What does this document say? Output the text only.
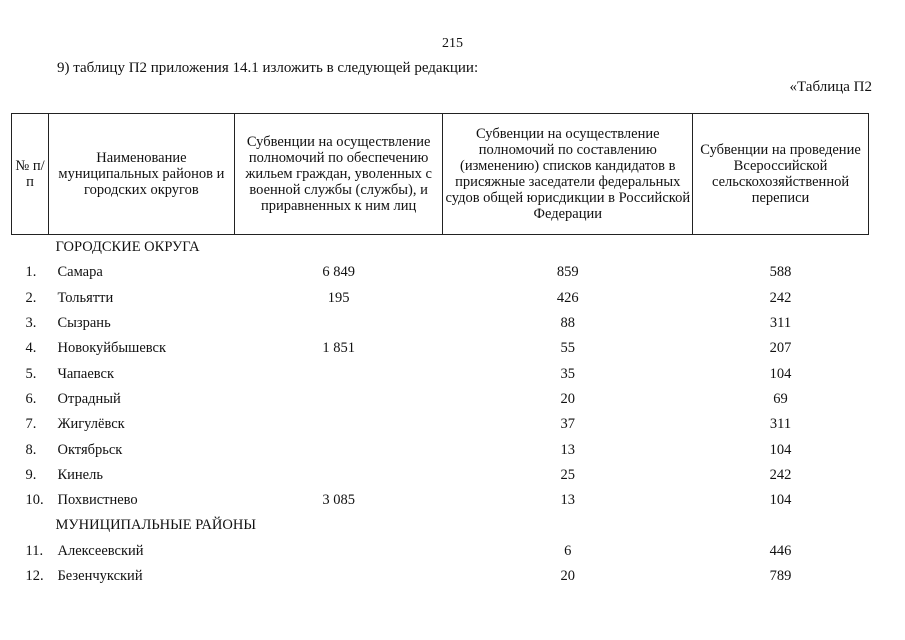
215
9) таблицу П2 приложения 14.1 изложить в следующей редакции:
«Таблица П2
№ п/п	Наименование муниципальных районов и городских округов	Субвенции на осуществление полномочий по обеспечению жильем граждан, уволенных с военной службы (службы), и приравненных к ним лиц	Субвенции на осуществление полномочий по составлению (изменению) списков кандидатов в присяжные заседатели федеральных судов общей юрисдикции в Российской Федерации	Субвенции на проведение Всероссийской сельскохозяйственной переписи
ГОРОДСКИЕ ОКРУГА				
1.	Самара	6 849	859	588
2.	Тольятти	195	426	242
3.	Сызрань		88	311
4.	Новокуйбышевск	1 851	55	207
5.	Чапаевск		35	104
6.	Отрадный		20	69
7.	Жигулёвск		37	311
8.	Октябрьск		13	104
9.	Кинель		25	242
10.	Похвистнево	3 085	13	104
МУНИЦИПАЛЬНЫЕ РАЙОНЫ				
11.	Алексеевский		6	446
12.	Безенчукский		20	789
